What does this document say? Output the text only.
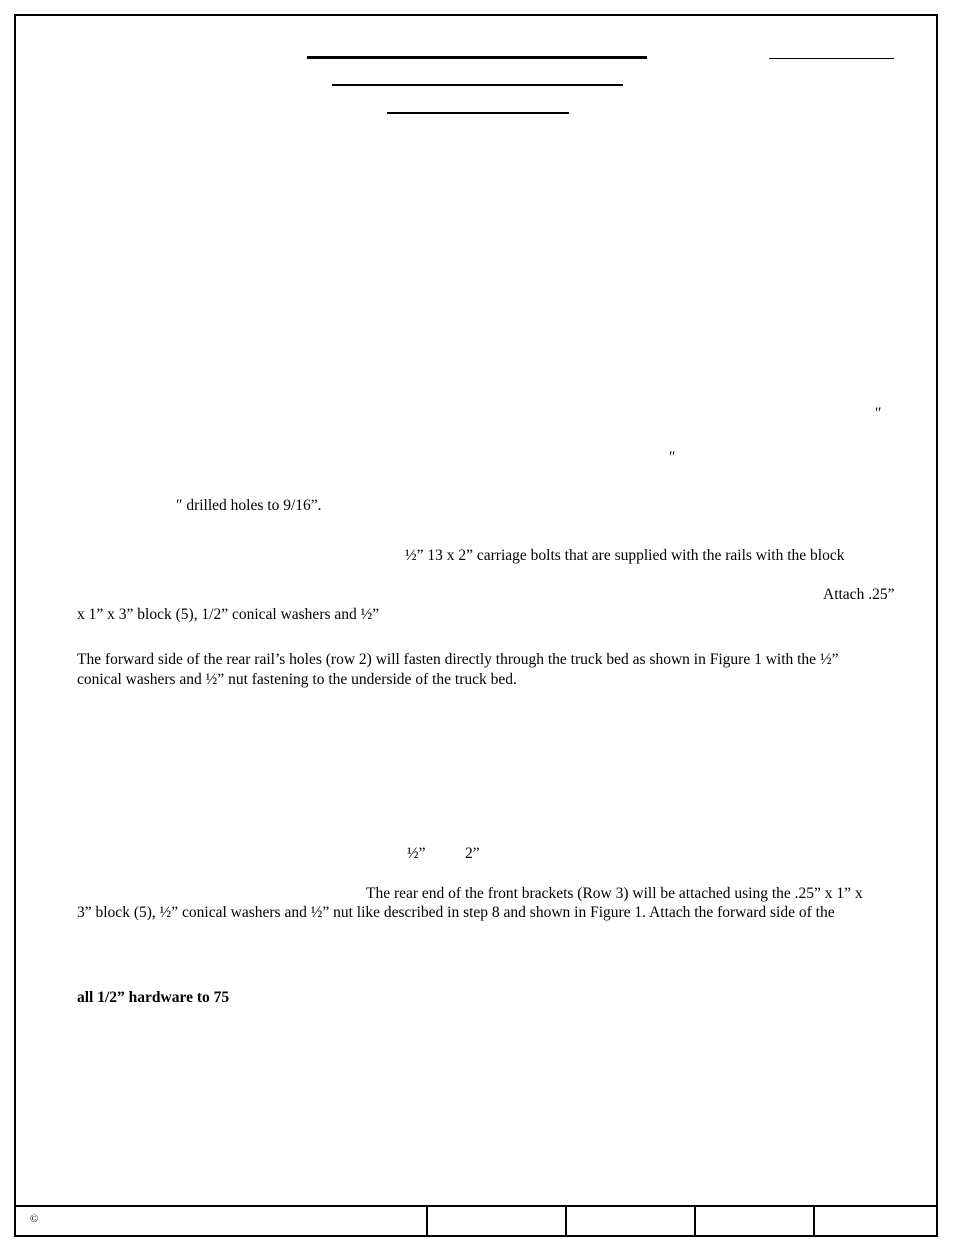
″
″
″ drilled holes to 9/16”.
½” 13 x 2” carriage bolts that are supplied with the rails with the block
Attach .25”
x 1” x 3” block (5), 1/2” conical washers and ½”
The forward side of the rear rail’s holes (row 2) will fasten directly through the truck bed as shown in Figure 1 with the ½”
conical washers and ½” nut fastening to the underside of the truck bed.
½”	2”
The rear end of the front brackets (Row 3) will be attached using the .25” x 1” x
3” block (5), ½” conical washers and ½” nut like described in step 8 and shown in Figure 1. Attach the forward side of the
all 1/2” hardware to 75
©
